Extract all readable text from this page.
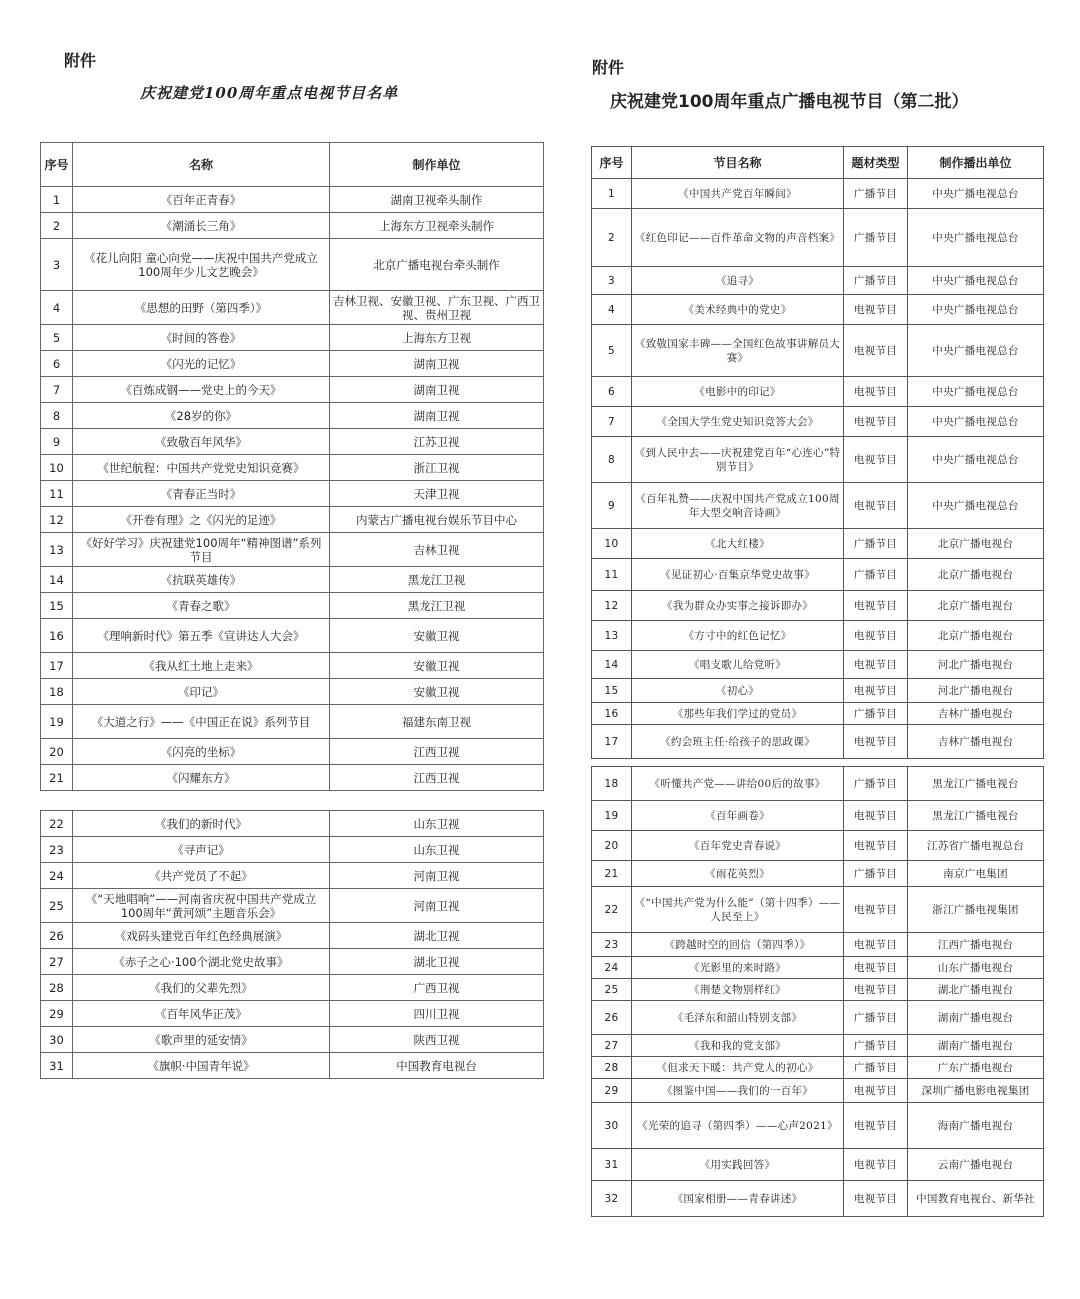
附件
庆祝建党100周年重点电视节目名单
序号	名称	制作单位
1	《百年正青春》	湖南卫视牵头制作
2	《潮涌长三角》	上海东方卫视牵头制作
3	《花儿向阳 童心向党——庆祝中国共产党成立100周年少儿文艺晚会》	北京广播电视台牵头制作
4	《思想的田野（第四季）》	吉林卫视、安徽卫视、广东卫视、广西卫视、贵州卫视
5	《时间的答卷》	上海东方卫视
6	《闪光的记忆》	湖南卫视
7	《百炼成钢——党史上的今天》	湖南卫视
8	《28岁的你》	湖南卫视
9	《致敬百年风华》	江苏卫视
10	《世纪航程：中国共产党党史知识竞赛》	浙江卫视
11	《青春正当时》	天津卫视
12	《开卷有理》之《闪光的足迹》	内蒙古广播电视台娱乐节目中心
13	《好好学习》庆祝建党100周年“精神图谱”系列节目	吉林卫视
14	《抗联英雄传》	黑龙江卫视
15	《青春之歌》	黑龙江卫视
16	《理响新时代》第五季《宣讲达人大会》	安徽卫视
17	《我从红土地上走来》	安徽卫视
18	《印记》	安徽卫视
19	《大道之行》——《中国正在说》系列节目	福建东南卫视
20	《闪亮的坐标》	江西卫视
21	《闪耀东方》	江西卫视
22	《我们的新时代》	山东卫视
23	《寻声记》	山东卫视
24	《共产党员了不起》	河南卫视
25	《“天地唱响”——河南省庆祝中国共产党成立100周年“黄河颂”主题音乐会》	河南卫视
26	《戏码头建党百年红色经典展演》	湖北卫视
27	《赤子之心·100个湖北党史故事》	湖北卫视
28	《我们的父辈先烈》	广西卫视
29	《百年风华正茂》	四川卫视
30	《歌声里的延安情》	陕西卫视
31	《旗帜·中国青年说》	中国教育电视台
附件
庆祝建党100周年重点广播电视节目（第二批）
序号	节目名称	题材类型	制作播出单位
1	《中国共产党百年瞬间》	广播节目	中央广播电视总台
2	《红色印记——百件革命文物的声音档案》	广播节目	中央广播电视总台
3	《追寻》	广播节目	中央广播电视总台
4	《美术经典中的党史》	电视节目	中央广播电视总台
5	《致敬国家丰碑——全国红色故事讲解员大赛》	电视节目	中央广播电视总台
6	《电影中的印记》	电视节目	中央广播电视总台
7	《全国大学生党史知识竞答大会》	电视节目	中央广播电视总台
8	《到人民中去——庆祝建党百年“心连心”特别节目》	电视节目	中央广播电视总台
9	《百年礼赞——庆祝中国共产党成立100周年大型交响音诗画》	电视节目	中央广播电视总台
10	《北大红楼》	广播节目	北京广播电视台
11	《见证初心·百集京华党史故事》	广播节目	北京广播电视台
12	《我为群众办实事之接诉即办》	电视节目	北京广播电视台
13	《方寸中的红色记忆》	电视节目	北京广播电视台
14	《唱支歌儿给党听》	电视节目	河北广播电视台
15	《初心》	电视节目	河北广播电视台
16	《那些年我们学过的党员》	广播节目	吉林广播电视台
17	《约会班主任·给孩子的思政课》	电视节目	吉林广播电视台
18	《听懂共产党——讲给00后的故事》	广播节目	黑龙江广播电视台
19	《百年画卷》	电视节目	黑龙江广播电视台
20	《百年党史青春说》	电视节目	江苏省广播电视总台
21	《雨花英烈》	广播节目	南京广电集团
22	《“中国共产党为什么能”（第十四季）——人民至上》	电视节目	浙江广播电视集团
23	《跨越时空的回信（第四季）》	电视节目	江西广播电视台
24	《光影里的来时路》	电视节目	山东广播电视台
25	《荆楚文物别样红》	电视节目	湖北广播电视台
26	《毛泽东和韶山特别支部》	广播节目	湖南广播电视台
27	《我和我的党支部》	广播节目	湖南广播电视台
28	《但求天下暖：共产党人的初心》	广播节目	广东广播电视台
29	《图鉴中国——我们的一百年》	电视节目	深圳广播电影电视集团
30	《光荣的追寻（第四季）——心声2021》	电视节目	海南广播电视台
31	《用实践回答》	电视节目	云南广播电视台
32	《国家相册——青春讲述》	电视节目	中国教育电视台、新华社
